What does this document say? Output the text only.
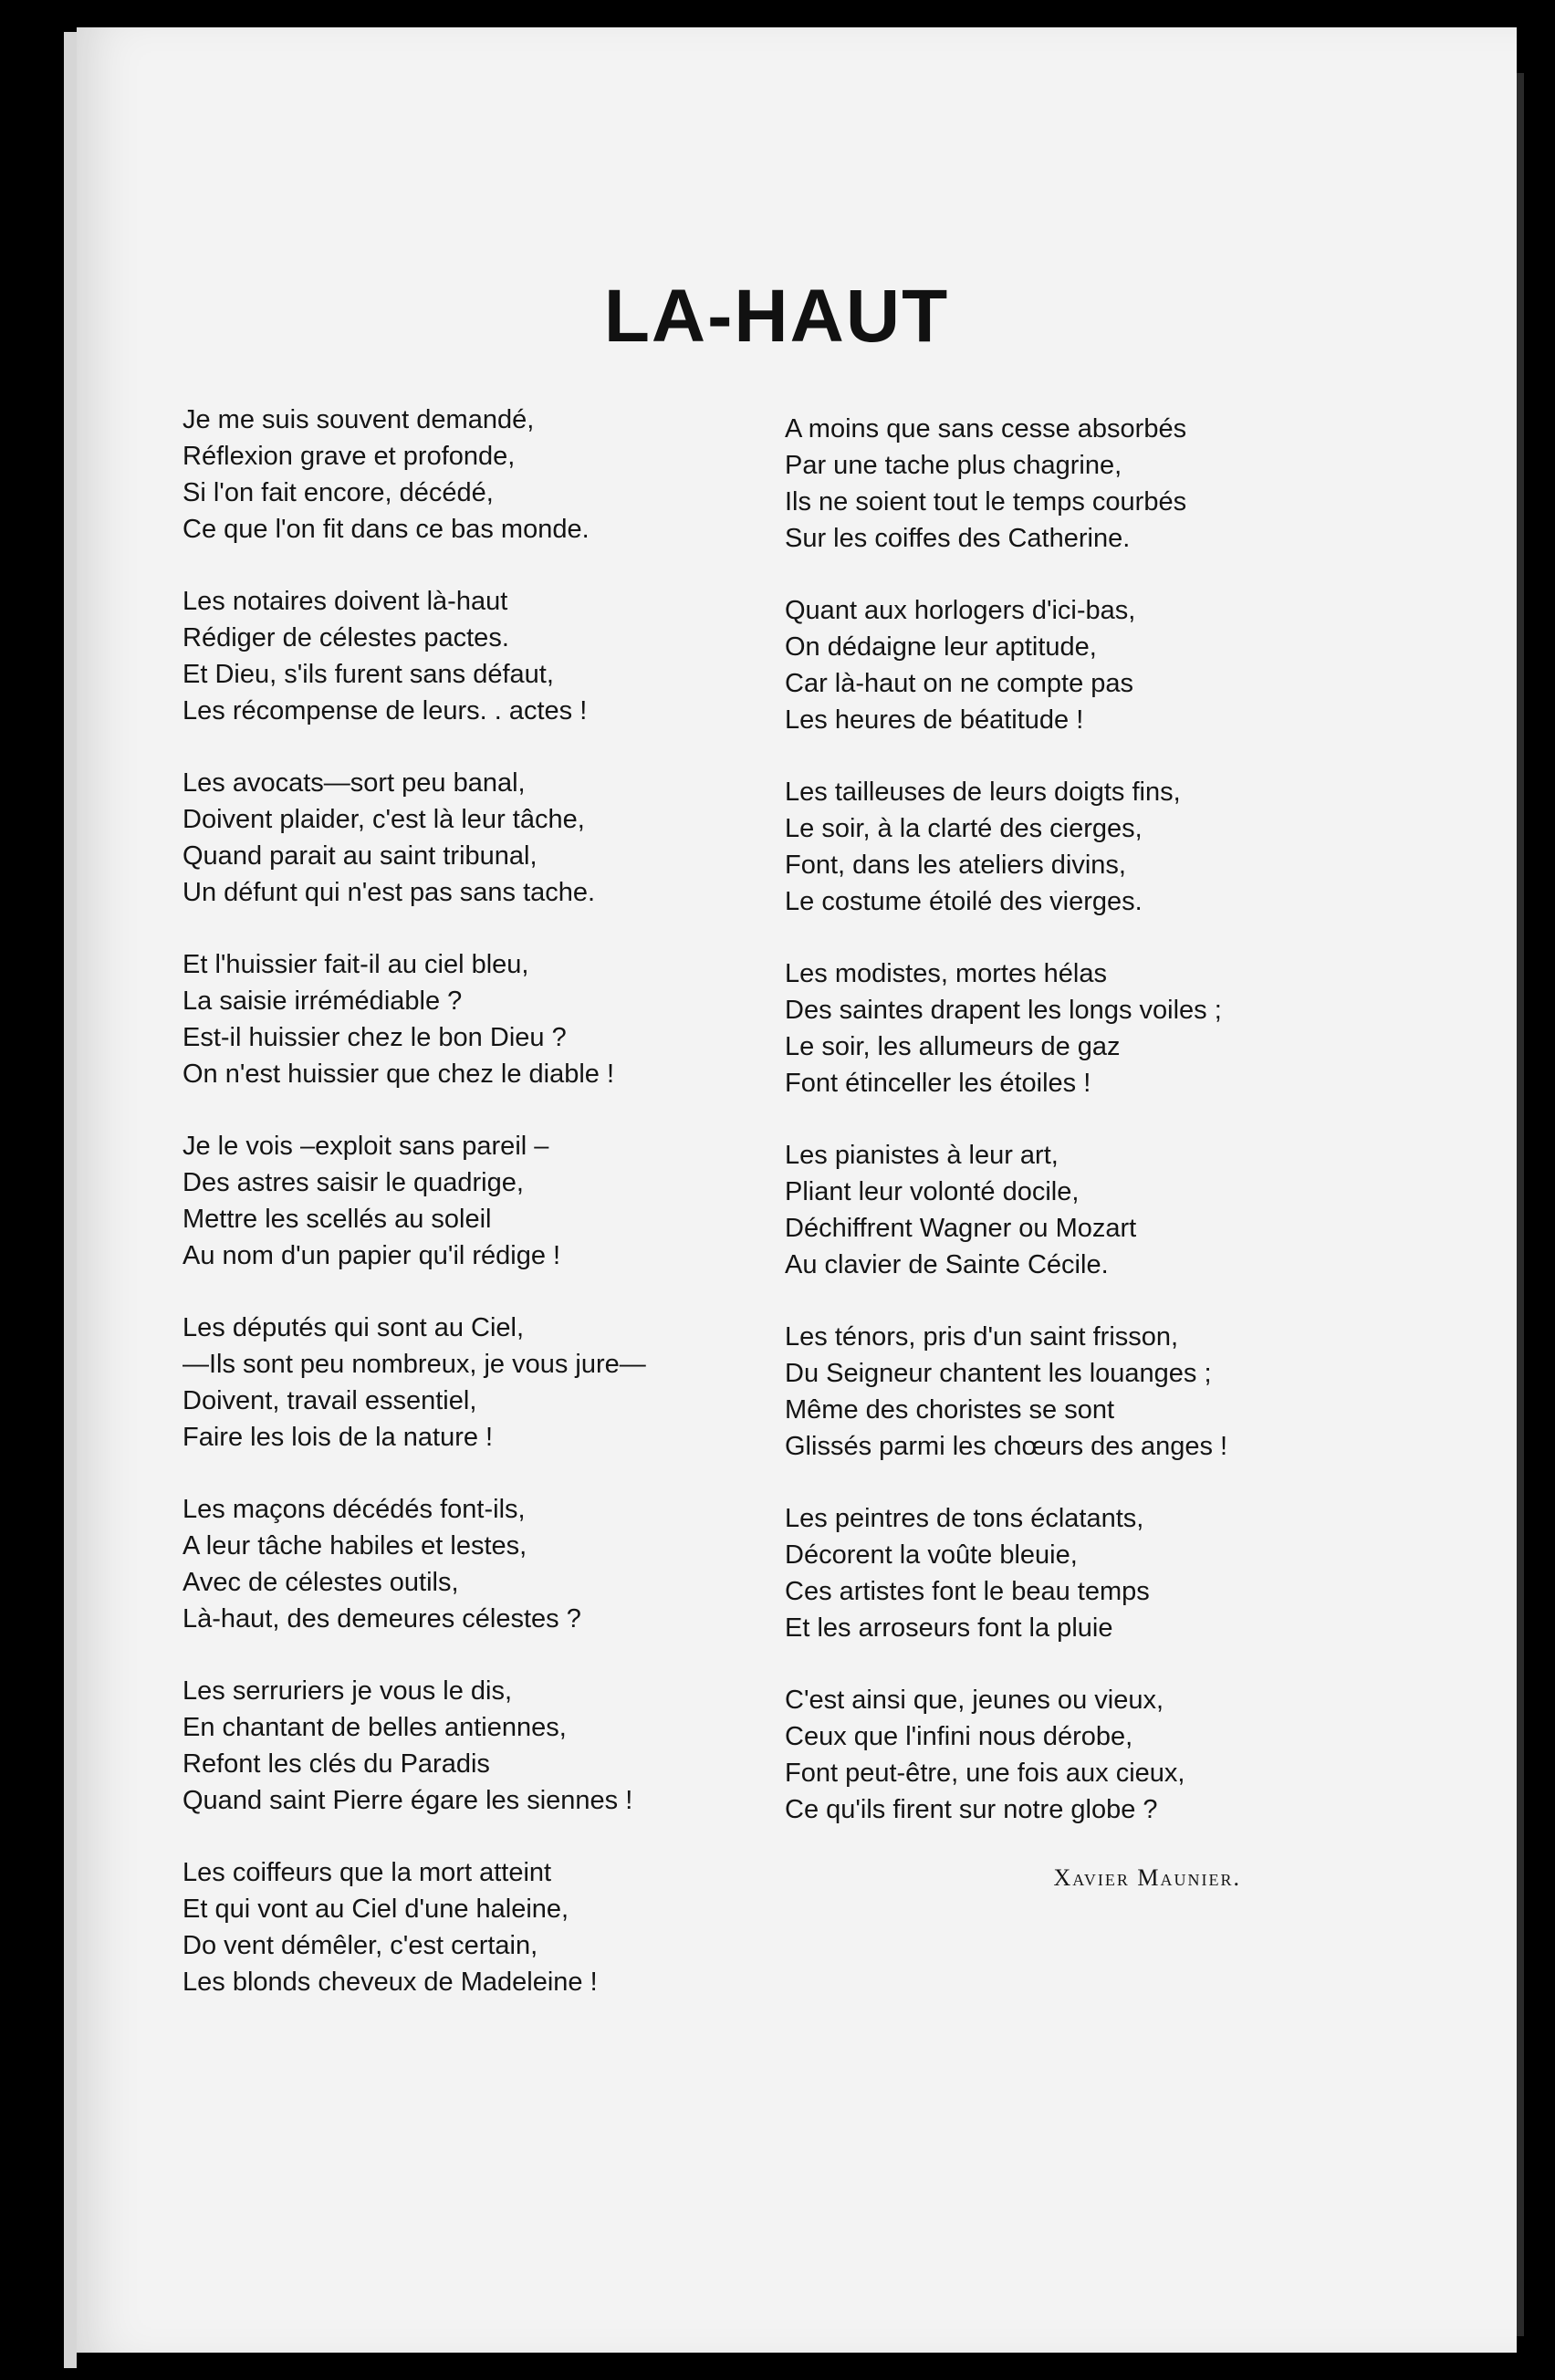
LA-HAUT
Je me suis souvent demandé,
Réflexion grave et profonde,
Si l'on fait encore, décédé,
Ce que l'on fit dans ce bas monde.
Les notaires doivent là-haut
Rédiger de célestes pactes.
Et Dieu, s'ils furent sans défaut,
Les récompense de leurs. . actes !
Les avocats—sort peu banal,
Doivent plaider, c'est là leur tâche,
Quand parait au saint tribunal,
Un défunt qui n'est pas sans tache.
Et l'huissier fait-il au ciel bleu,
La saisie irrémédiable ?
Est-il huissier chez le bon Dieu ?
On n'est huissier que chez le diable !
Je le vois –exploit sans pareil –
Des astres saisir le quadrige,
Mettre les scellés au soleil
Au nom d'un papier qu'il rédige !
Les députés qui sont au Ciel,
—Ils sont peu nombreux, je vous jure—
Doivent, travail essentiel,
Faire les lois de la nature !
Les maçons décédés font-ils,
A leur tâche habiles et lestes,
Avec de célestes outils,
Là-haut, des demeures célestes ?
Les serruriers je vous le dis,
En chantant de belles antiennes,
Refont les clés du Paradis
Quand saint Pierre égare les siennes !
Les coiffeurs que la mort atteint
Et qui vont au Ciel d'une haleine,
Do vent démêler, c'est certain,
Les blonds cheveux de Madeleine !
A moins que sans cesse absorbés
Par une tache plus chagrine,
Ils ne soient tout le temps courbés
Sur les coiffes des Catherine.
Quant aux horlogers d'ici-bas,
On dédaigne leur aptitude,
Car là-haut on ne compte pas
Les heures de béatitude !
Les tailleuses de leurs doigts fins,
Le soir, à la clarté des cierges,
Font, dans les ateliers divins,
Le costume étoilé des vierges.
Les modistes, mortes hélas
Des saintes drapent les longs voiles ;
Le soir, les allumeurs de gaz
Font étinceller les étoiles !
Les pianistes à leur art,
Pliant leur volonté docile,
Déchiffrent Wagner ou Mozart
Au clavier de Sainte Cécile.
Les ténors, pris d'un saint frisson,
Du Seigneur chantent les louanges ;
Même des choristes se sont
Glissés parmi les chœurs des anges !
Les peintres de tons éclatants,
Décorent la voûte bleuie,
Ces artistes font le beau temps
Et les arroseurs font la pluie
C'est ainsi que, jeunes ou vieux,
Ceux que l'infini nous dérobe,
Font peut-être, une fois aux cieux,
Ce qu'ils firent sur notre globe ?
Xavier Maunier.
